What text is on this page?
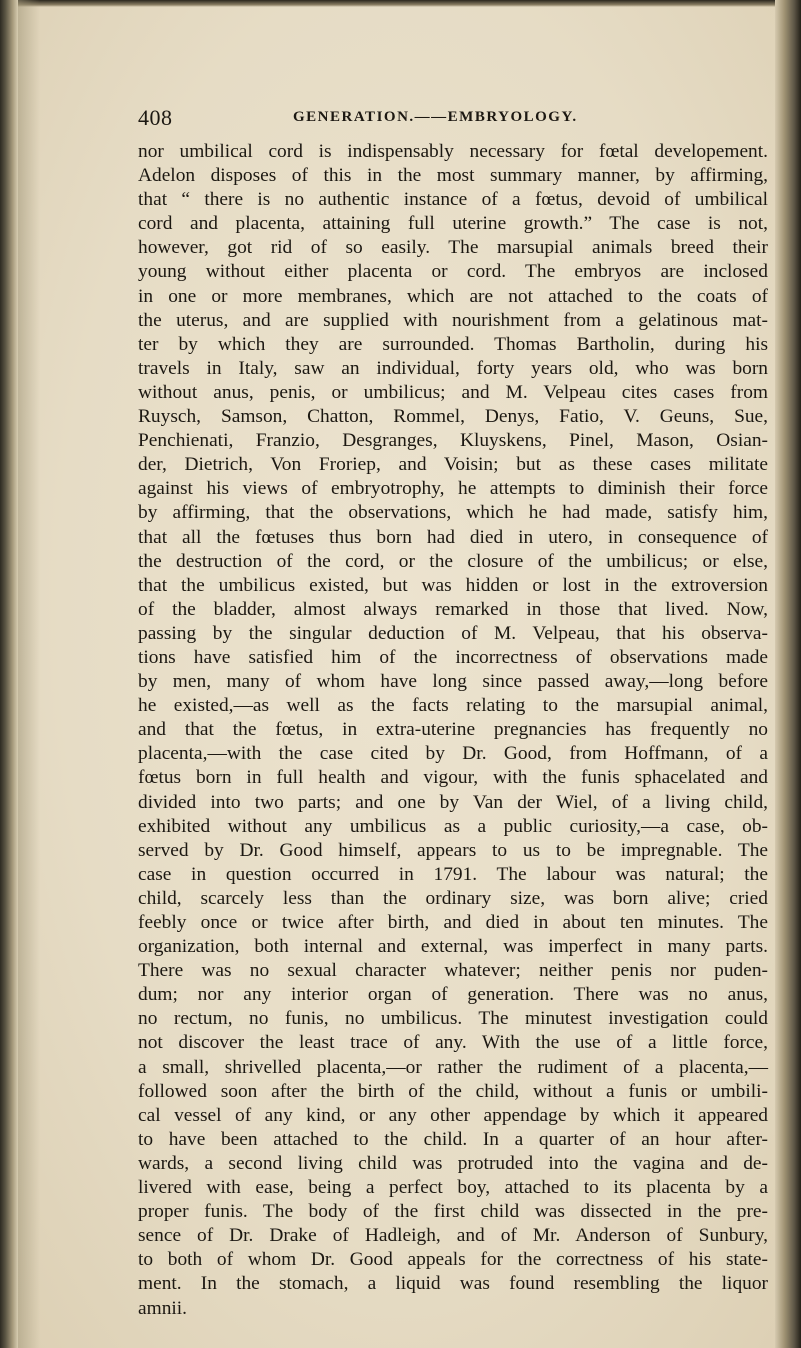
408	GENERATION.——EMBRYOLOGY.
nor umbilical cord is indispensably necessary for fœtal developement.
Adelon disposes of this in the most summary manner, by affirming,
that “ there is no authentic instance of a fœtus, devoid of umbilical
cord and placenta, attaining full uterine growth.” The case is not,
however, got rid of so easily. The marsupial animals breed their
young without either placenta or cord. The embryos are inclosed
in one or more membranes, which are not attached to the coats of
the uterus, and are supplied with nourishment from a gelatinous mat-
ter by which they are surrounded. Thomas Bartholin, during his
travels in Italy, saw an individual, forty years old, who was born
without anus, penis, or umbilicus; and M. Velpeau cites cases from
Ruysch, Samson, Chatton, Rommel, Denys, Fatio, V. Geuns, Sue,
Penchienati, Franzio, Desgranges, Kluyskens, Pinel, Mason, Osian-
der, Dietrich, Von Froriep, and Voisin; but as these cases militate
against his views of embryotrophy, he attempts to diminish their force
by affirming, that the observations, which he had made, satisfy him,
that all the fœtuses thus born had died in utero, in consequence of
the destruction of the cord, or the closure of the umbilicus; or else,
that the umbilicus existed, but was hidden or lost in the extroversion
of the bladder, almost always remarked in those that lived. Now,
passing by the singular deduction of M. Velpeau, that his observa-
tions have satisfied him of the incorrectness of observations made
by men, many of whom have long since passed away,—long before
he existed,—as well as the facts relating to the marsupial animal,
and that the fœtus, in extra-uterine pregnancies has frequently no
placenta,—with the case cited by Dr. Good, from Hoffmann, of a
fœtus born in full health and vigour, with the funis sphacelated and
divided into two parts; and one by Van der Wiel, of a living child,
exhibited without any umbilicus as a public curiosity,—a case, ob-
served by Dr. Good himself, appears to us to be impregnable. The
case in question occurred in 1791. The labour was natural; the
child, scarcely less than the ordinary size, was born alive; cried
feebly once or twice after birth, and died in about ten minutes. The
organization, both internal and external, was imperfect in many parts.
There was no sexual character whatever; neither penis nor puden-
dum; nor any interior organ of generation. There was no anus,
no rectum, no funis, no umbilicus. The minutest investigation could
not discover the least trace of any. With the use of a little force,
a small, shrivelled placenta,—or rather the rudiment of a placenta,—
followed soon after the birth of the child, without a funis or umbili-
cal vessel of any kind, or any other appendage by which it appeared
to have been attached to the child. In a quarter of an hour after-
wards, a second living child was protruded into the vagina and de-
livered with ease, being a perfect boy, attached to its placenta by a
proper funis. The body of the first child was dissected in the pre-
sence of Dr. Drake of Hadleigh, and of Mr. Anderson of Sunbury,
to both of whom Dr. Good appeals for the correctness of his state-
ment. In the stomach, a liquid was found resembling the liquor
amnii.
